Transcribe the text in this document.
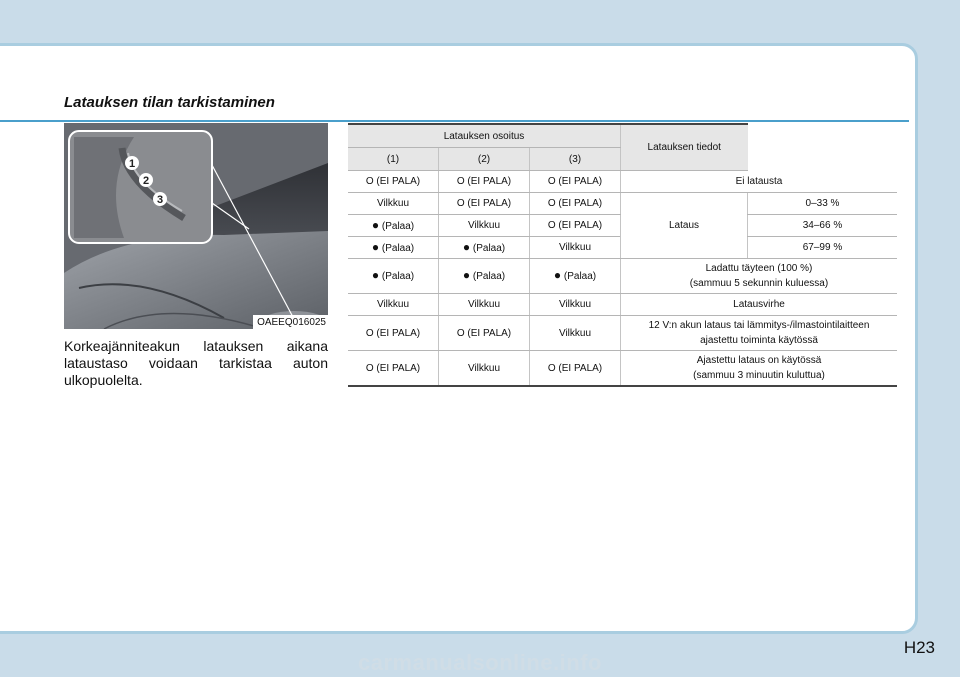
Latauksen tilan tarkistaminen
1
2
3
OAEEQ016025

Korkeajänniteakun latauksen aikana lataustaso voidaan tarkistaa auton ulkopuolelta.

Latauksen osoitus			Latauksen tiedot	
(1)	(2)	(3)		
O (EI PALA)	O (EI PALA)	O (EI PALA)	Ei latausta	
Vilkkuu	O (EI PALA)	O (EI PALA)	Lataus	0–33 %
● (Palaa)	Vilkkuu	O (EI PALA)		34–66 %
● (Palaa)	● (Palaa)	Vilkkuu		67–99 %
● (Palaa)	● (Palaa)	● (Palaa)	Ladattu täyteen (100 %)
(sammuu 5 sekunnin kuluessa)	

Vilkkuu	Vilkkuu	Vilkkuu	Latausvirhe	
O (EI PALA)	O (EI PALA)	Vilkkuu	12 V:n akun lataus tai lämmitys-/ilmastointilaitteen
ajastettu toiminta käytössä	

O (EI PALA)	Vilkkuu	O (EI PALA)	Ajastettu lataus on käytössä
(sammuu 3 minuutin kuluttua)	
H23
carmanualsonline.info
